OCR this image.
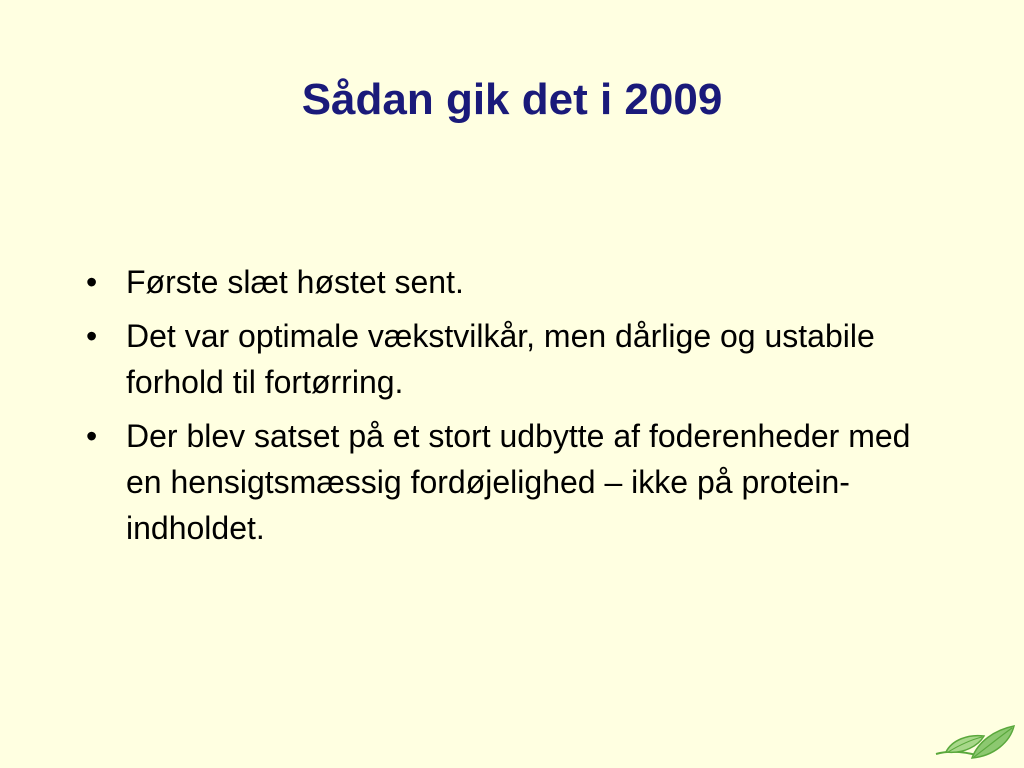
Sådan gik det i 2009
• Første slæt høstet sent.
• Det var optimale vækstvilkår, men dårlige og ustabile forhold til fortørring.
• Der blev satset på et stort udbytte af foderenheder med en hensigtsmæssig fordøjelighed – ikke på protein-indholdet.
